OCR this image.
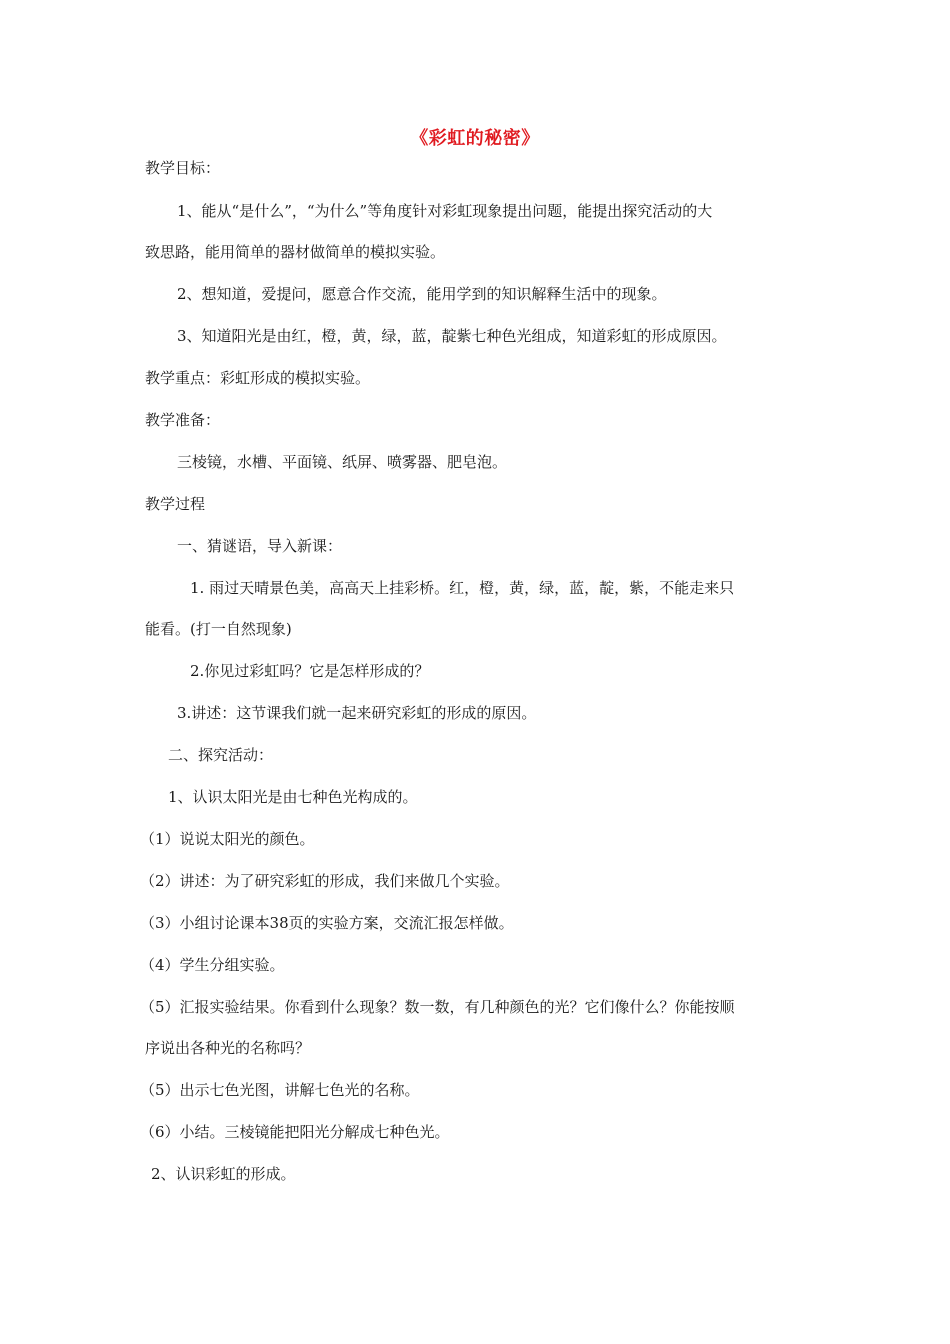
《彩虹的秘密》
教学目标：
1、能从“是什么”，“为什么”等角度针对彩虹现象提出问题，能提出探究活动的大
致思路，能用简单的器材做简单的模拟实验。
2、想知道，爱提问，愿意合作交流，能用学到的知识解释生活中的现象。
3、知道阳光是由红，橙，黄，绿，蓝，靛紫七种色光组成，知道彩虹的形成原因。
教学重点：彩虹形成的模拟实验。
教学准备：
三棱镜，水槽、平面镜、纸屏、喷雾器、肥皂泡。
教学过程
一、猜谜语，导入新课：
1. 雨过天晴景色美，高高天上挂彩桥。红，橙，黄，绿，蓝，靛，紫，不能走来只
能看。(打一自然现象)
2.你见过彩虹吗？它是怎样形成的？
3.讲述：这节课我们就一起来研究彩虹的形成的原因。
二、探究活动：
1、认识太阳光是由七种色光构成的。
（1）说说太阳光的颜色。
（2）讲述：为了研究彩虹的形成，我们来做几个实验。
（3）小组讨论课本38页的实验方案，交流汇报怎样做。
（4）学生分组实验。
（5）汇报实验结果。你看到什么现象？数一数，有几种颜色的光？它们像什么？你能按顺
序说出各种光的名称吗？
（5）出示七色光图，讲解七色光的名称。
（6）小结。三棱镜能把阳光分解成七种色光。
2、认识彩虹的形成。
